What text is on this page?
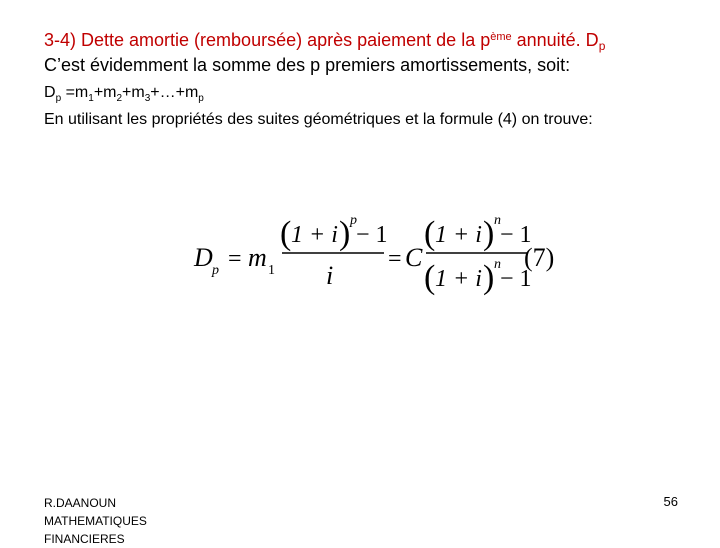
3-4) Dette amortie (remboursée) après paiement de la $p^{ème}$ annuité. $D_p$
C’est évidemment la somme des p premiers amortissements, soit:
$D_p$ $=m_1+m_2+m_3+\dots+m_p$
En utilisant les propriétés des suites géométriques et la formule (4) on trouve:
D p = m 1
( 1 + i ) p
− 1
i
= C
( 1 + i ) n
− 1
( 1 + i ) n
− 1
(7)
R.DAANOUN
MATHEMATIQUES
FINANCIERES
56
